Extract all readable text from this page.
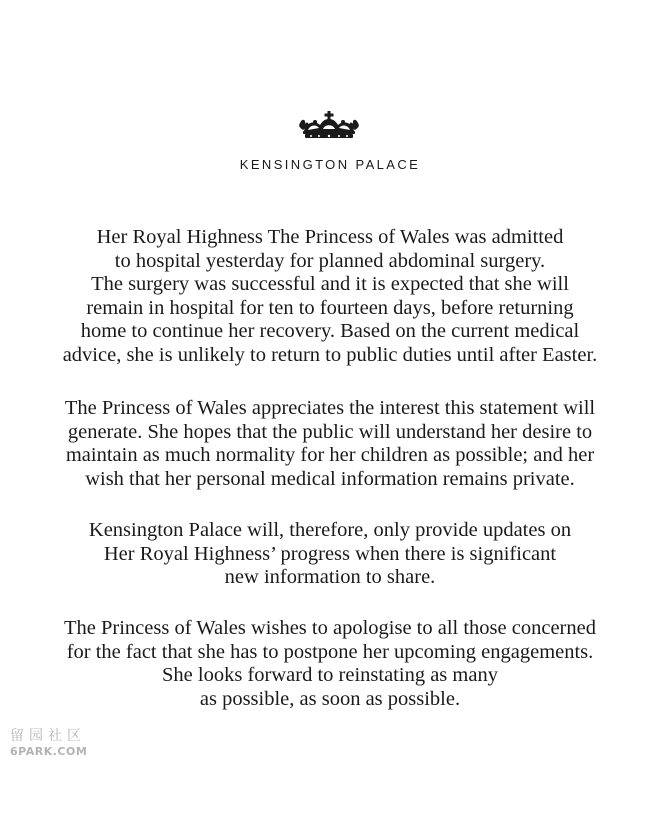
KENSINGTON PALACE
Her Royal Highness The Princess of Wales was admitted
to hospital yesterday for planned abdominal surgery.
The surgery was successful and it is expected that she will
remain in hospital for ten to fourteen days, before returning
home to continue her recovery. Based on the current medical
advice, she is unlikely to return to public duties until after Easter.
The Princess of Wales appreciates the interest this statement will
generate. She hopes that the public will understand her desire to
maintain as much normality for her children as possible; and her
wish that her personal medical information remains private.
Kensington Palace will, therefore, only provide updates on
Her Royal Highness’ progress when there is significant
new information to share.
The Princess of Wales wishes to apologise to all those concerned
for the fact that she has to postpone her upcoming engagements.
She looks forward to reinstating as many
as possible, as soon as possible.
留园社区
6PARK.COM
